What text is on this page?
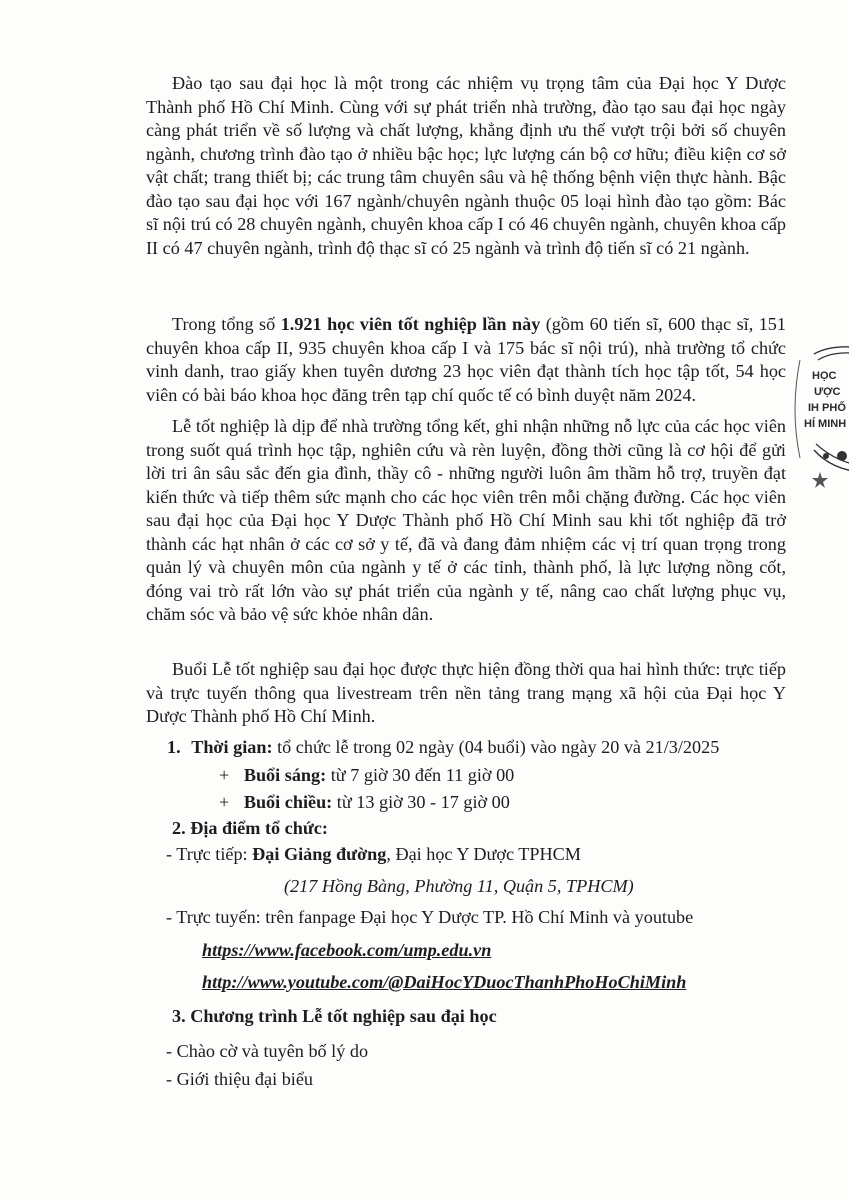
Đào tạo sau đại học là một trong các nhiệm vụ trọng tâm của Đại học Y Dược Thành phố Hồ Chí Minh. Cùng với sự phát triển nhà trường, đào tạo sau đại học ngày càng phát triển về số lượng và chất lượng, khẳng định ưu thế vượt trội bởi số chuyên ngành, chương trình đào tạo ở nhiều bậc học; lực lượng cán bộ cơ hữu; điều kiện cơ sở vật chất; trang thiết bị; các trung tâm chuyên sâu và hệ thống bệnh viện thực hành. Bậc đào tạo sau đại học với 167 ngành/chuyên ngành thuộc 05 loại hình đào tạo gồm: Bác sĩ nội trú có 28 chuyên ngành, chuyên khoa cấp I có 46 chuyên ngành, chuyên khoa cấp II có 47 chuyên ngành, trình độ thạc sĩ có 25 ngành và trình độ tiến sĩ có 21 ngành.

Trong tổng số 1.921 học viên tốt nghiệp lần này (gồm 60 tiến sĩ, 600 thạc sĩ, 151 chuyên khoa cấp II, 935 chuyên khoa cấp I và 175 bác sĩ nội trú), nhà trường tổ chức vinh danh, trao giấy khen tuyên dương 23 học viên đạt thành tích học tập tốt, 54 học viên có bài báo khoa học đăng trên tạp chí quốc tế có bình duyệt năm 2024.

Lễ tốt nghiệp là dịp để nhà trường tổng kết, ghi nhận những nỗ lực của các học viên trong suốt quá trình học tập, nghiên cứu và rèn luyện, đồng thời cũng là cơ hội để gửi lời tri ân sâu sắc đến gia đình, thầy cô - những người luôn âm thầm hỗ trợ, truyền đạt kiến thức và tiếp thêm sức mạnh cho các học viên trên mỗi chặng đường. Các học viên sau đại học của Đại học Y Dược Thành phố Hồ Chí Minh sau khi tốt nghiệp đã trở thành các hạt nhân ở các cơ sở y tế, đã và đang đảm nhiệm các vị trí quan trọng trong quản lý và chuyên môn của ngành y tế ở các tỉnh, thành phố, là lực lượng nồng cốt, đóng vai trò rất lớn vào sự phát triển của ngành y tế, nâng cao chất lượng phục vụ, chăm sóc và bảo vệ sức khỏe nhân dân.

Buổi Lễ tốt nghiệp sau đại học được thực hiện đồng thời qua hai hình thức: trực tiếp và trực tuyến thông qua livestream trên nền tảng trang mạng xã hội của Đại học Y Dược Thành phố Hồ Chí Minh.

1. Thời gian: tổ chức lễ trong 02 ngày (04 buổi) vào ngày 20 và 21/3/2025
+ Buổi sáng: từ 7 giờ 30 đến 11 giờ 00
+ Buổi chiều: từ 13 giờ 30 - 17 giờ 00
2. Địa điểm tổ chức:
- Trực tiếp: Đại Giảng đường, Đại học Y Dược TPHCM
(217 Hồng Bàng, Phường 11, Quận 5, TPHCM)
- Trực tuyến: trên fanpage Đại học Y Dược TP. Hồ Chí Minh và youtube
https://www.facebook.com/ump.edu.vn
http://www.youtube.com/@DaiHocYDuocThanhPhoHoChiMinh
3. Chương trình Lễ tốt nghiệp sau đại học
- Chào cờ và tuyên bố lý do
- Giới thiệu đại biểu
HỌC
ƯỢC
IH PHỐ
HÍ MINH
